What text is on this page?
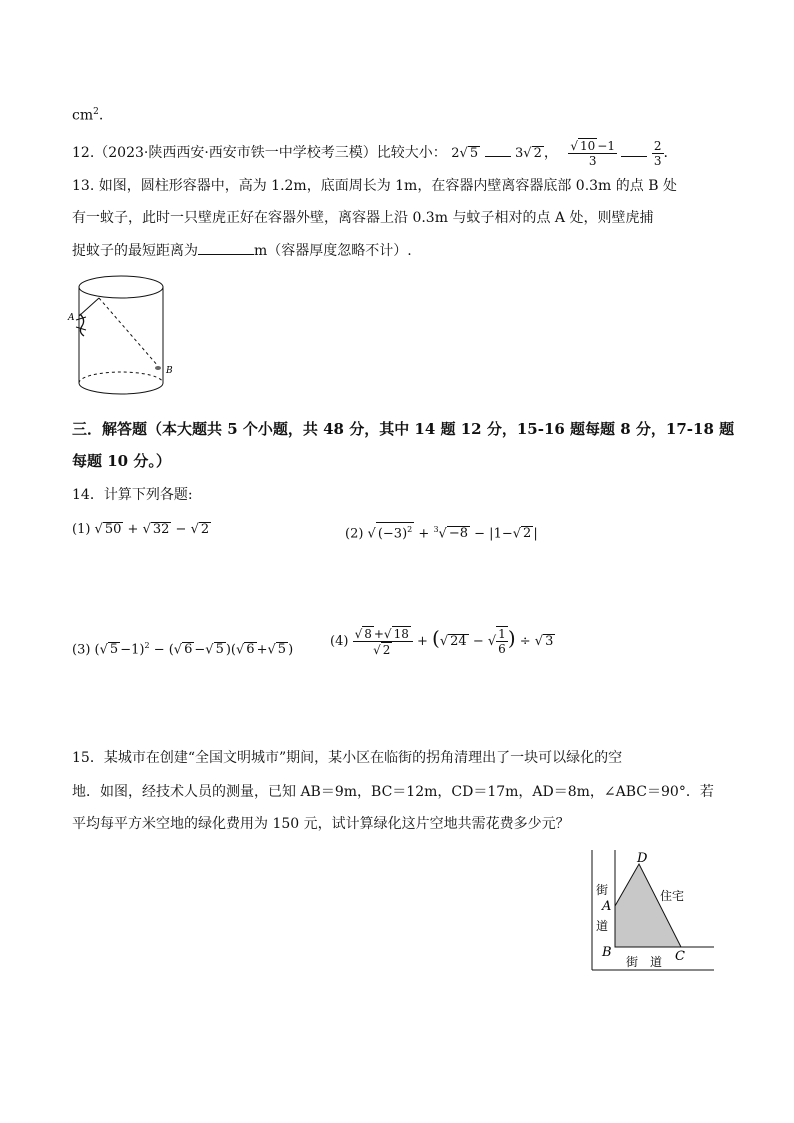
$cm^2$.
12.（2023·陕西西安·西安市铁一中学校考三模）比较大小： 2√ 5	3√ 2 ， $\frac{√ 10 -1}{3}$
	$\frac{2}{3}$ .
13. 如图，圆柱形容器中，高为 1.2m，底面周长为 1m，在容器内壁离容器底部 0.3m 的点 B 处
有一蚊子，此时一只壁虎正好在容器外壁，离容器上沿 0.3m 与蚊子相对的点 A 处，则壁虎捕
捉蚊子的最短距离为	m（容器厚度忽略不计）.
A
B
三．解答题（本大题共 5 个小题，共 48 分，其中 14 题 12 分，15-16 题每题 8 分，17-18 题
每题 10 分。）
14．计算下列各题:
(1) √ 50 + √ 32 − √ 2	(2) √ $(-3)^2 + ^3√ -8 - |1-√$ 2 |
(3) (√ 5 −1)$^2$ − (√ 6 −√ 5 )(√ 6 +√ 5 )
$(4) \frac{√ 8 +√ 18}{√ 2}$ + (√ 24 − √ $\frac{1}{6}$ ) ÷ √ 3
15．某城市在创建“全国文明城市”期间，某小区在临街的拐角清理出了一块可以绿化的空
地．如图，经技术人员的测量，已知 AB＝9m，BC＝12m，CD＝17m，AD＝8m，∠ABC＝90°．若
平均每平方米空地的绿化费用为 150 元，试计算绿化这片空地共需花费多少元？
D
A
B	C
街
道
街　道
住宅
